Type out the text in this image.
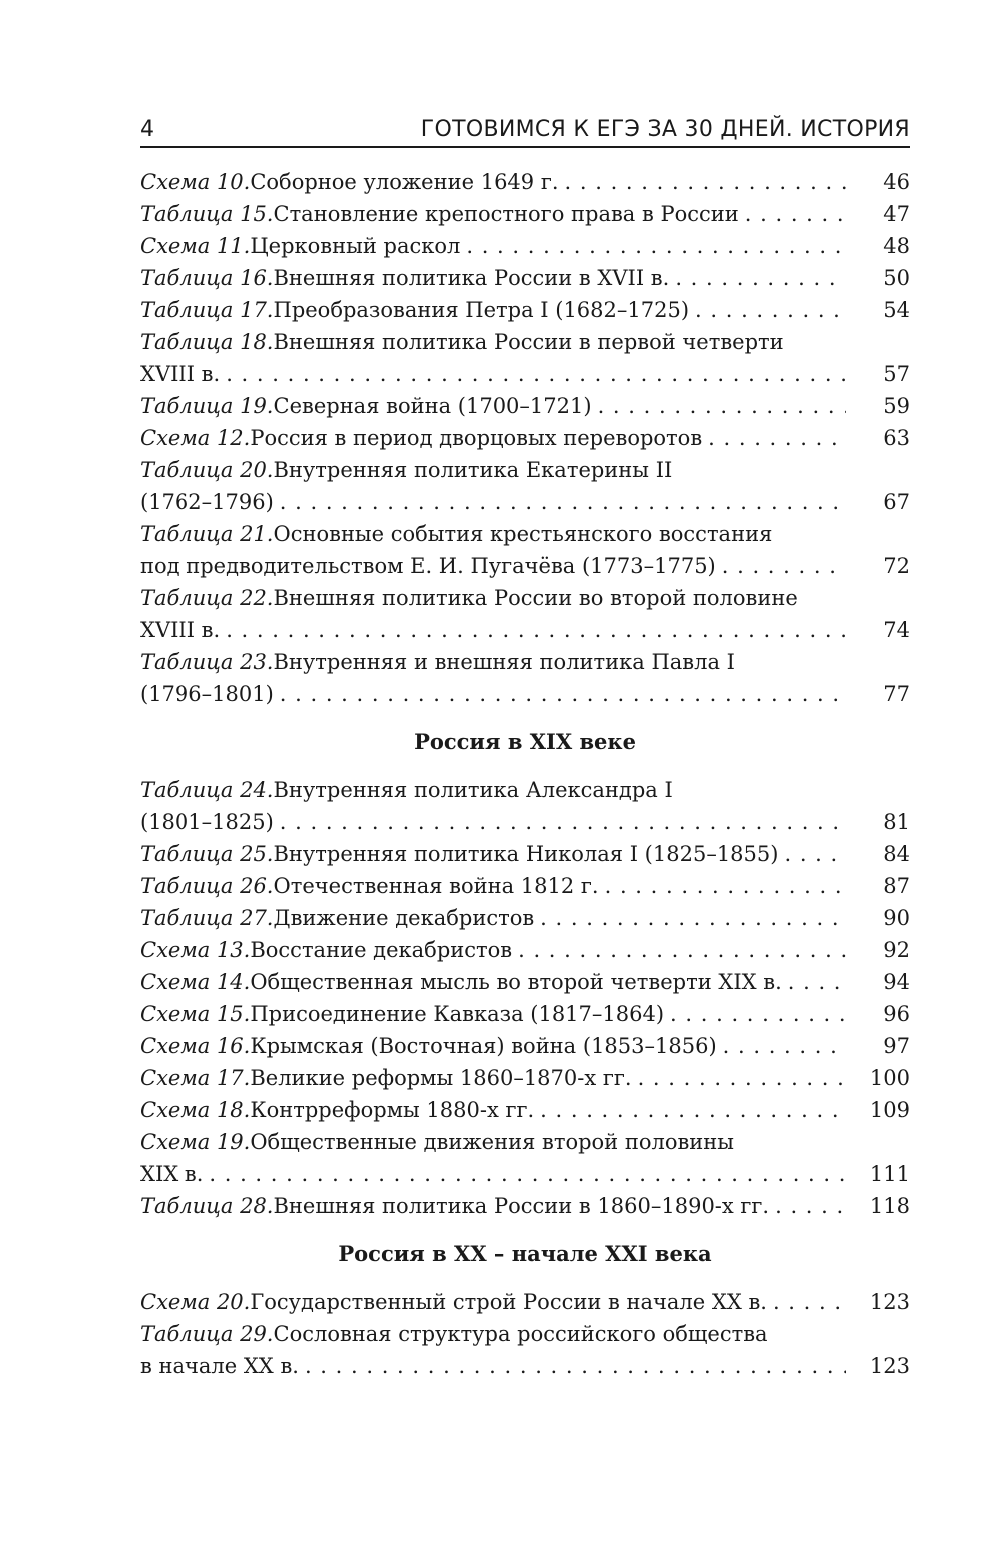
4	ГОТОВИМСЯ К ЕГЭ ЗА 30 ДНЕЙ. ИСТОРИЯ
Схема 10. Соборное уложение 1649 г. . . .	46
Таблица 15. Становление крепостного права в России . . .	47
Схема 11. Церковный раскол . . .	48
Таблица 16. Внешняя политика России в XVII в. . . .	50
Таблица 17. Преобразования Петра I (1682–1725) . . .	54
Таблица 18. Внешняя политика России в первой четверти
XVIII в. . . .	57
Таблица 19. Северная война (1700–1721) . . .	59
Схема 12. Россия в период дворцовых переворотов . . .	63
Таблица 20. Внутренняя политика Екатерины II
(1762–1796) . . .	67
Таблица 21. Основные события крестьянского восстания
под предводительством Е. И. Пугачёва (1773–1775) . . .	72
Таблица 22. Внешняя политика России во второй половине
XVIII в. . . .	74
Таблица 23. Внутренняя и внешняя политика Павла I
(1796–1801) . . .	77
Россия в XIX веке
Таблица 24. Внутренняя политика Александра I
(1801–1825) . . .	81
Таблица 25. Внутренняя политика Николая I (1825–1855) . . .	84
Таблица 26. Отечественная война 1812 г. . . .	87
Таблица 27. Движение декабристов . . .	90
Схема 13. Восстание декабристов . . .	92
Схема 14. Общественная мысль во второй четверти XIX в. . . .	94
Схема 15. Присоединение Кавказа (1817–1864) . . .	96
Схема 16. Крымская (Восточная) война (1853–1856) . . .	97
Схема 17. Великие реформы 1860–1870-х гг. . . .	100
Схема 18. Контрреформы 1880-х гг. . . .	109
Схема 19. Общественные движения второй половины
XIX в. . . .	111
Таблица 28. Внешняя политика России в 1860–1890-х гг. . . .	118
Россия в XX – начале XXI века
Схема 20. Государственный строй России в начале XX в. . . .	123
Таблица 29. Сословная структура российского общества
в начале XX в. . . .	123
